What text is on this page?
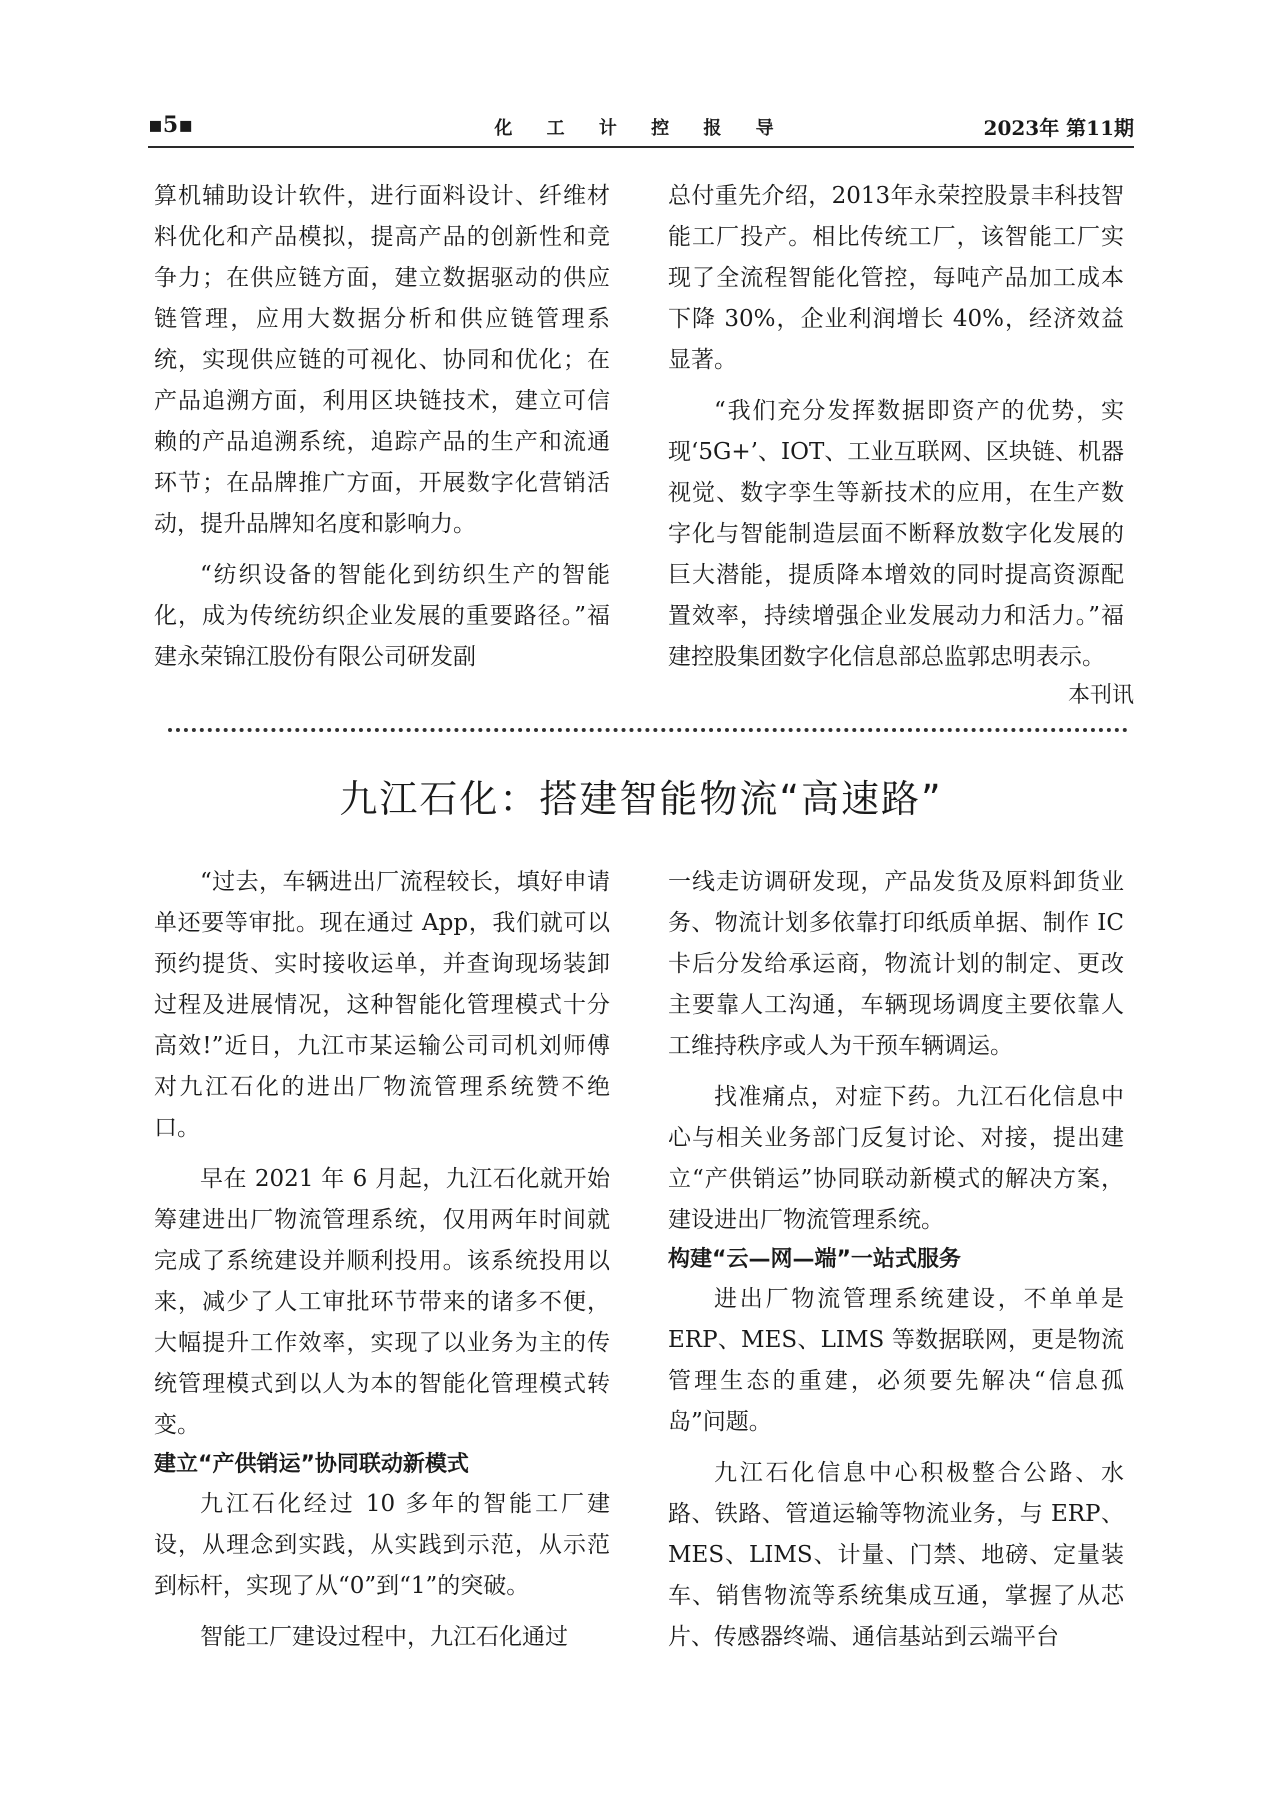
▪5▪	化 工 计 控 报 导	2023年 第11期

算机辅助设计软件，进行面料设计、纤维材料优化和产品模拟，提高产品的创新性和竞争力；在供应链方面，建立数据驱动的供应链管理，应用大数据分析和供应链管理系统，实现供应链的可视化、协同和优化；在产品追溯方面，利用区块链技术，建立可信赖的产品追溯系统，追踪产品的生产和流通环节；在品牌推广方面，开展数字化营销活动，提升品牌知名度和影响力。

“纺织设备的智能化到纺织生产的智能化，成为传统纺织企业发展的重要路径。”福建永荣锦江股份有限公司研发副

总付重先介绍，2013年永荣控股景丰科技智能工厂投产。相比传统工厂，该智能工厂实现了全流程智能化管控，每吨产品加工成本下降 30%，企业利润增长 40%，经济效益显著。

“我们充分发挥数据即资产的优势，实现‘5G+’、IOT、工业互联网、区块链、机器视觉、数字孪生等新技术的应用，在生产数字化与智能制造层面不断释放数字化发展的巨大潜能，提质降本增效的同时提高资源配置效率，持续增强企业发展动力和活力。”福建控股集团数字化信息部总监郭忠明表示。

本刊讯
九江石化：搭建智能物流“高速路”

“过去，车辆进出厂流程较长，填好申请单还要等审批。现在通过 App，我们就可以预约提货、实时接收运单，并查询现场装卸过程及进展情况，这种智能化管理模式十分高效!”近日，九江市某运输公司司机刘师傅对九江石化的进出厂物流管理系统赞不绝口。

早在 2021 年 6 月起，九江石化就开始筹建进出厂物流管理系统，仅用两年时间就完成了系统建设并顺利投用。该系统投用以来，减少了人工审批环节带来的诸多不便，大幅提升工作效率，实现了以业务为主的传统管理模式到以人为本的智能化管理模式转变。

建立“产供销运”协同联动新模式

九江石化经过 10 多年的智能工厂建设，从理念到实践，从实践到示范，从示范到标杆，实现了从“0”到“1”的突破。

智能工厂建设过程中，九江石化通过

一线走访调研发现，产品发货及原料卸货业务、物流计划多依靠打印纸质单据、制作 IC 卡后分发给承运商，物流计划的制定、更改主要靠人工沟通，车辆现场调度主要依靠人工维持秩序或人为干预车辆调运。

找准痛点，对症下药。九江石化信息中心与相关业务部门反复讨论、对接，提出建立“产供销运”协同联动新模式的解决方案，建设进出厂物流管理系统。

构建“云—网—端”一站式服务

进出厂物流管理系统建设，不单单是 ERP、MES、LIMS 等数据联网，更是物流管理生态的重建，必须要先解决“信息孤岛”问题。

九江石化信息中心积极整合公路、水路、铁路、管道运输等物流业务，与 ERP、MES、LIMS、计量、门禁、地磅、定量装车、销售物流等系统集成互通，掌握了从芯片、传感器终端、通信基站到云端平台
